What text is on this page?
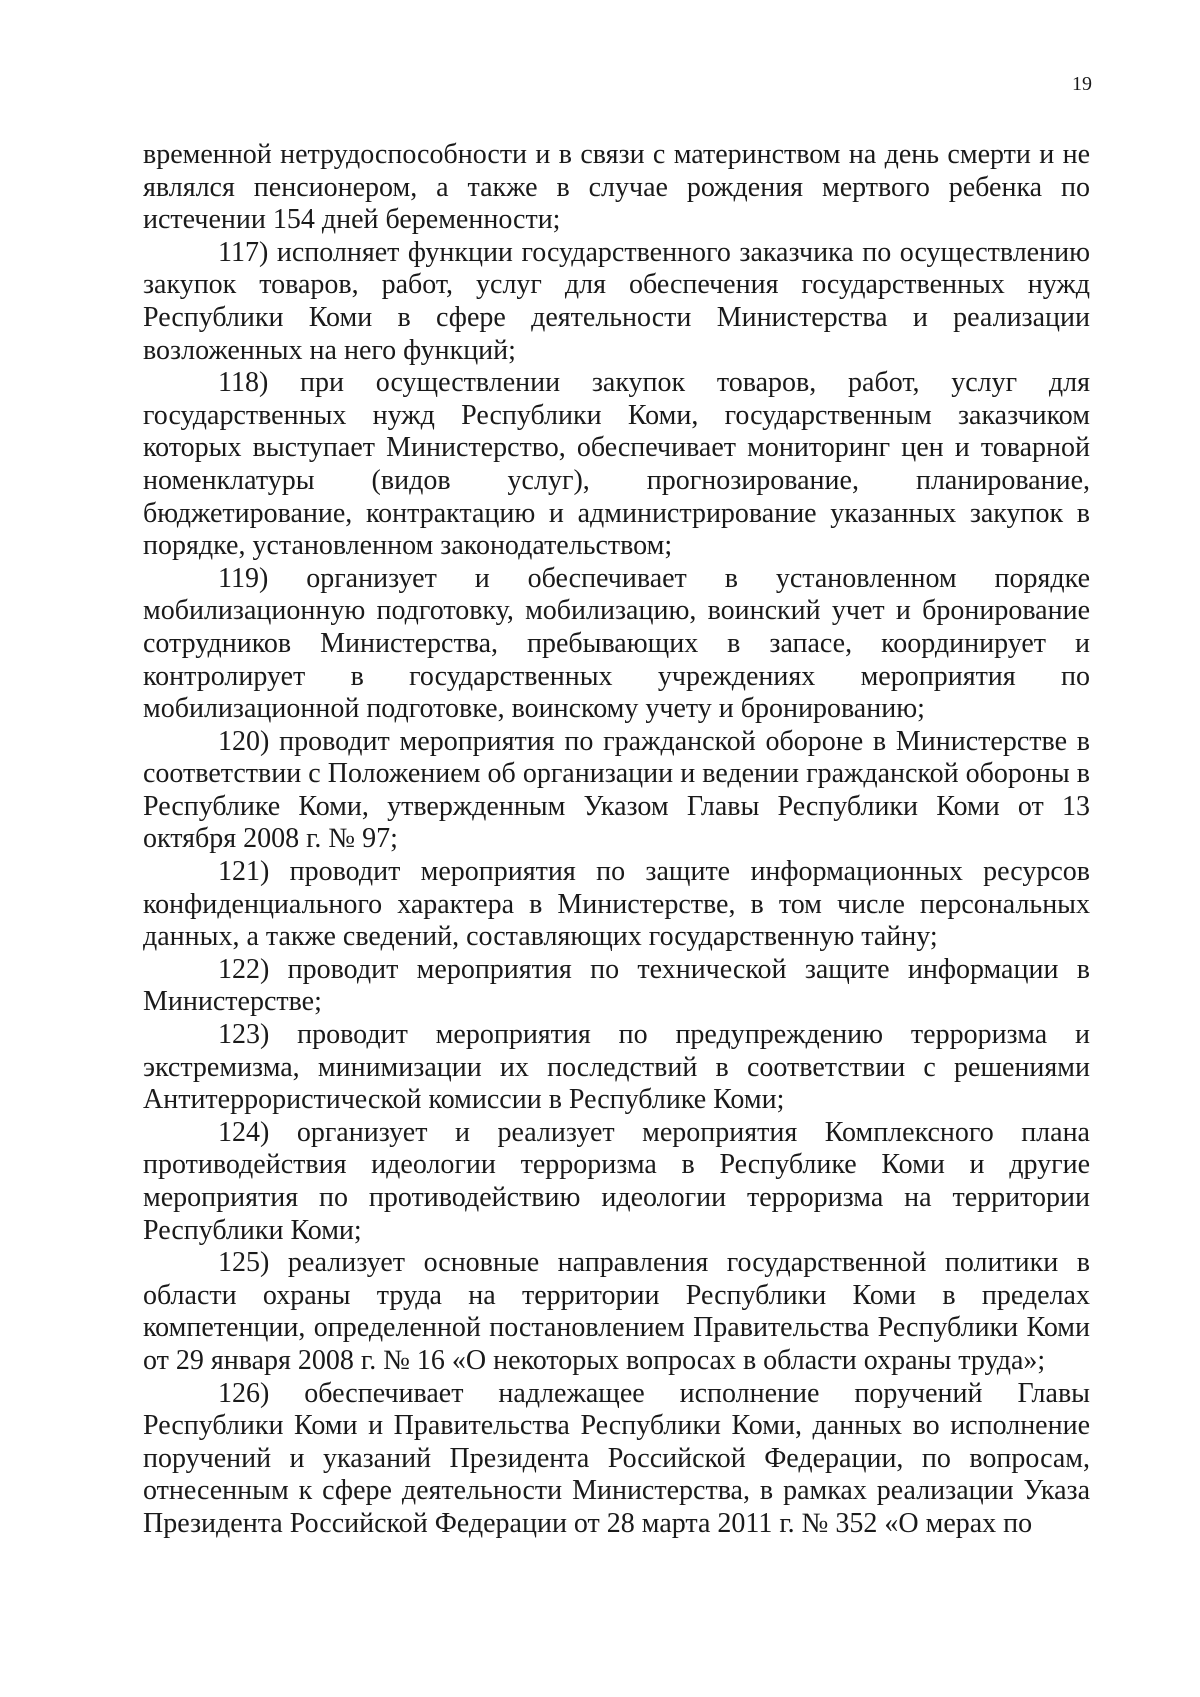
19

временной нетрудоспособности и в связи с материнством на день смерти и не являлся пенсионером, а также в случае рождения мертвого ребенка по истечении 154 дней беременности;

117) исполняет функции государственного заказчика по осуществлению закупок товаров, работ, услуг для обеспечения государственных нужд Республики Коми в сфере деятельности Министерства и реализации возложенных на него функций;

118) при осуществлении закупок товаров, работ, услуг для государственных нужд Республики Коми, государственным заказчиком которых выступает Министерство, обеспечивает мониторинг цен и товарной номенклатуры (видов услуг), прогнозирование, планирование, бюджетирование, контрактацию и администрирование указанных закупок в порядке, установленном законодательством;

119) организует и обеспечивает в установленном порядке мобилизационную подготовку, мобилизацию, воинский учет и бронирование сотрудников Министерства, пребывающих в запасе, координирует и контролирует в государственных учреждениях мероприятия по мобилизационной подготовке, воинскому учету и бронированию;

120) проводит мероприятия по гражданской обороне в Министерстве в соответствии с Положением об организации и ведении гражданской обороны в Республике Коми, утвержденным Указом Главы Республики Коми от 13 октября 2008 г. № 97;

121) проводит мероприятия по защите информационных ресурсов конфиденциального характера в Министерстве, в том числе персональных данных, а также сведений, составляющих государственную тайну;

122) проводит мероприятия по технической защите информации в Министерстве;

123) проводит мероприятия по предупреждению терроризма и экстремизма, минимизации их последствий в соответствии с решениями Антитеррористической комиссии в Республике Коми;

124) организует и реализует мероприятия Комплексного плана противодействия идеологии терроризма в Республике Коми и другие мероприятия по противодействию идеологии терроризма на территории Республики Коми;

125) реализует основные направления государственной политики в области охраны труда на территории Республики Коми в пределах компетенции, определенной постановлением Правительства Республики Коми от 29 января 2008 г. № 16 «О некоторых вопросах в области охраны труда»;

126) обеспечивает надлежащее исполнение поручений Главы Республики Коми и Правительства Республики Коми, данных во исполнение поручений и указаний Президента Российской Федерации, по вопросам, отнесенным к сфере деятельности Министерства, в рамках реализации Указа Президента Российской Федерации от 28 марта 2011 г. № 352 «О мерах по
